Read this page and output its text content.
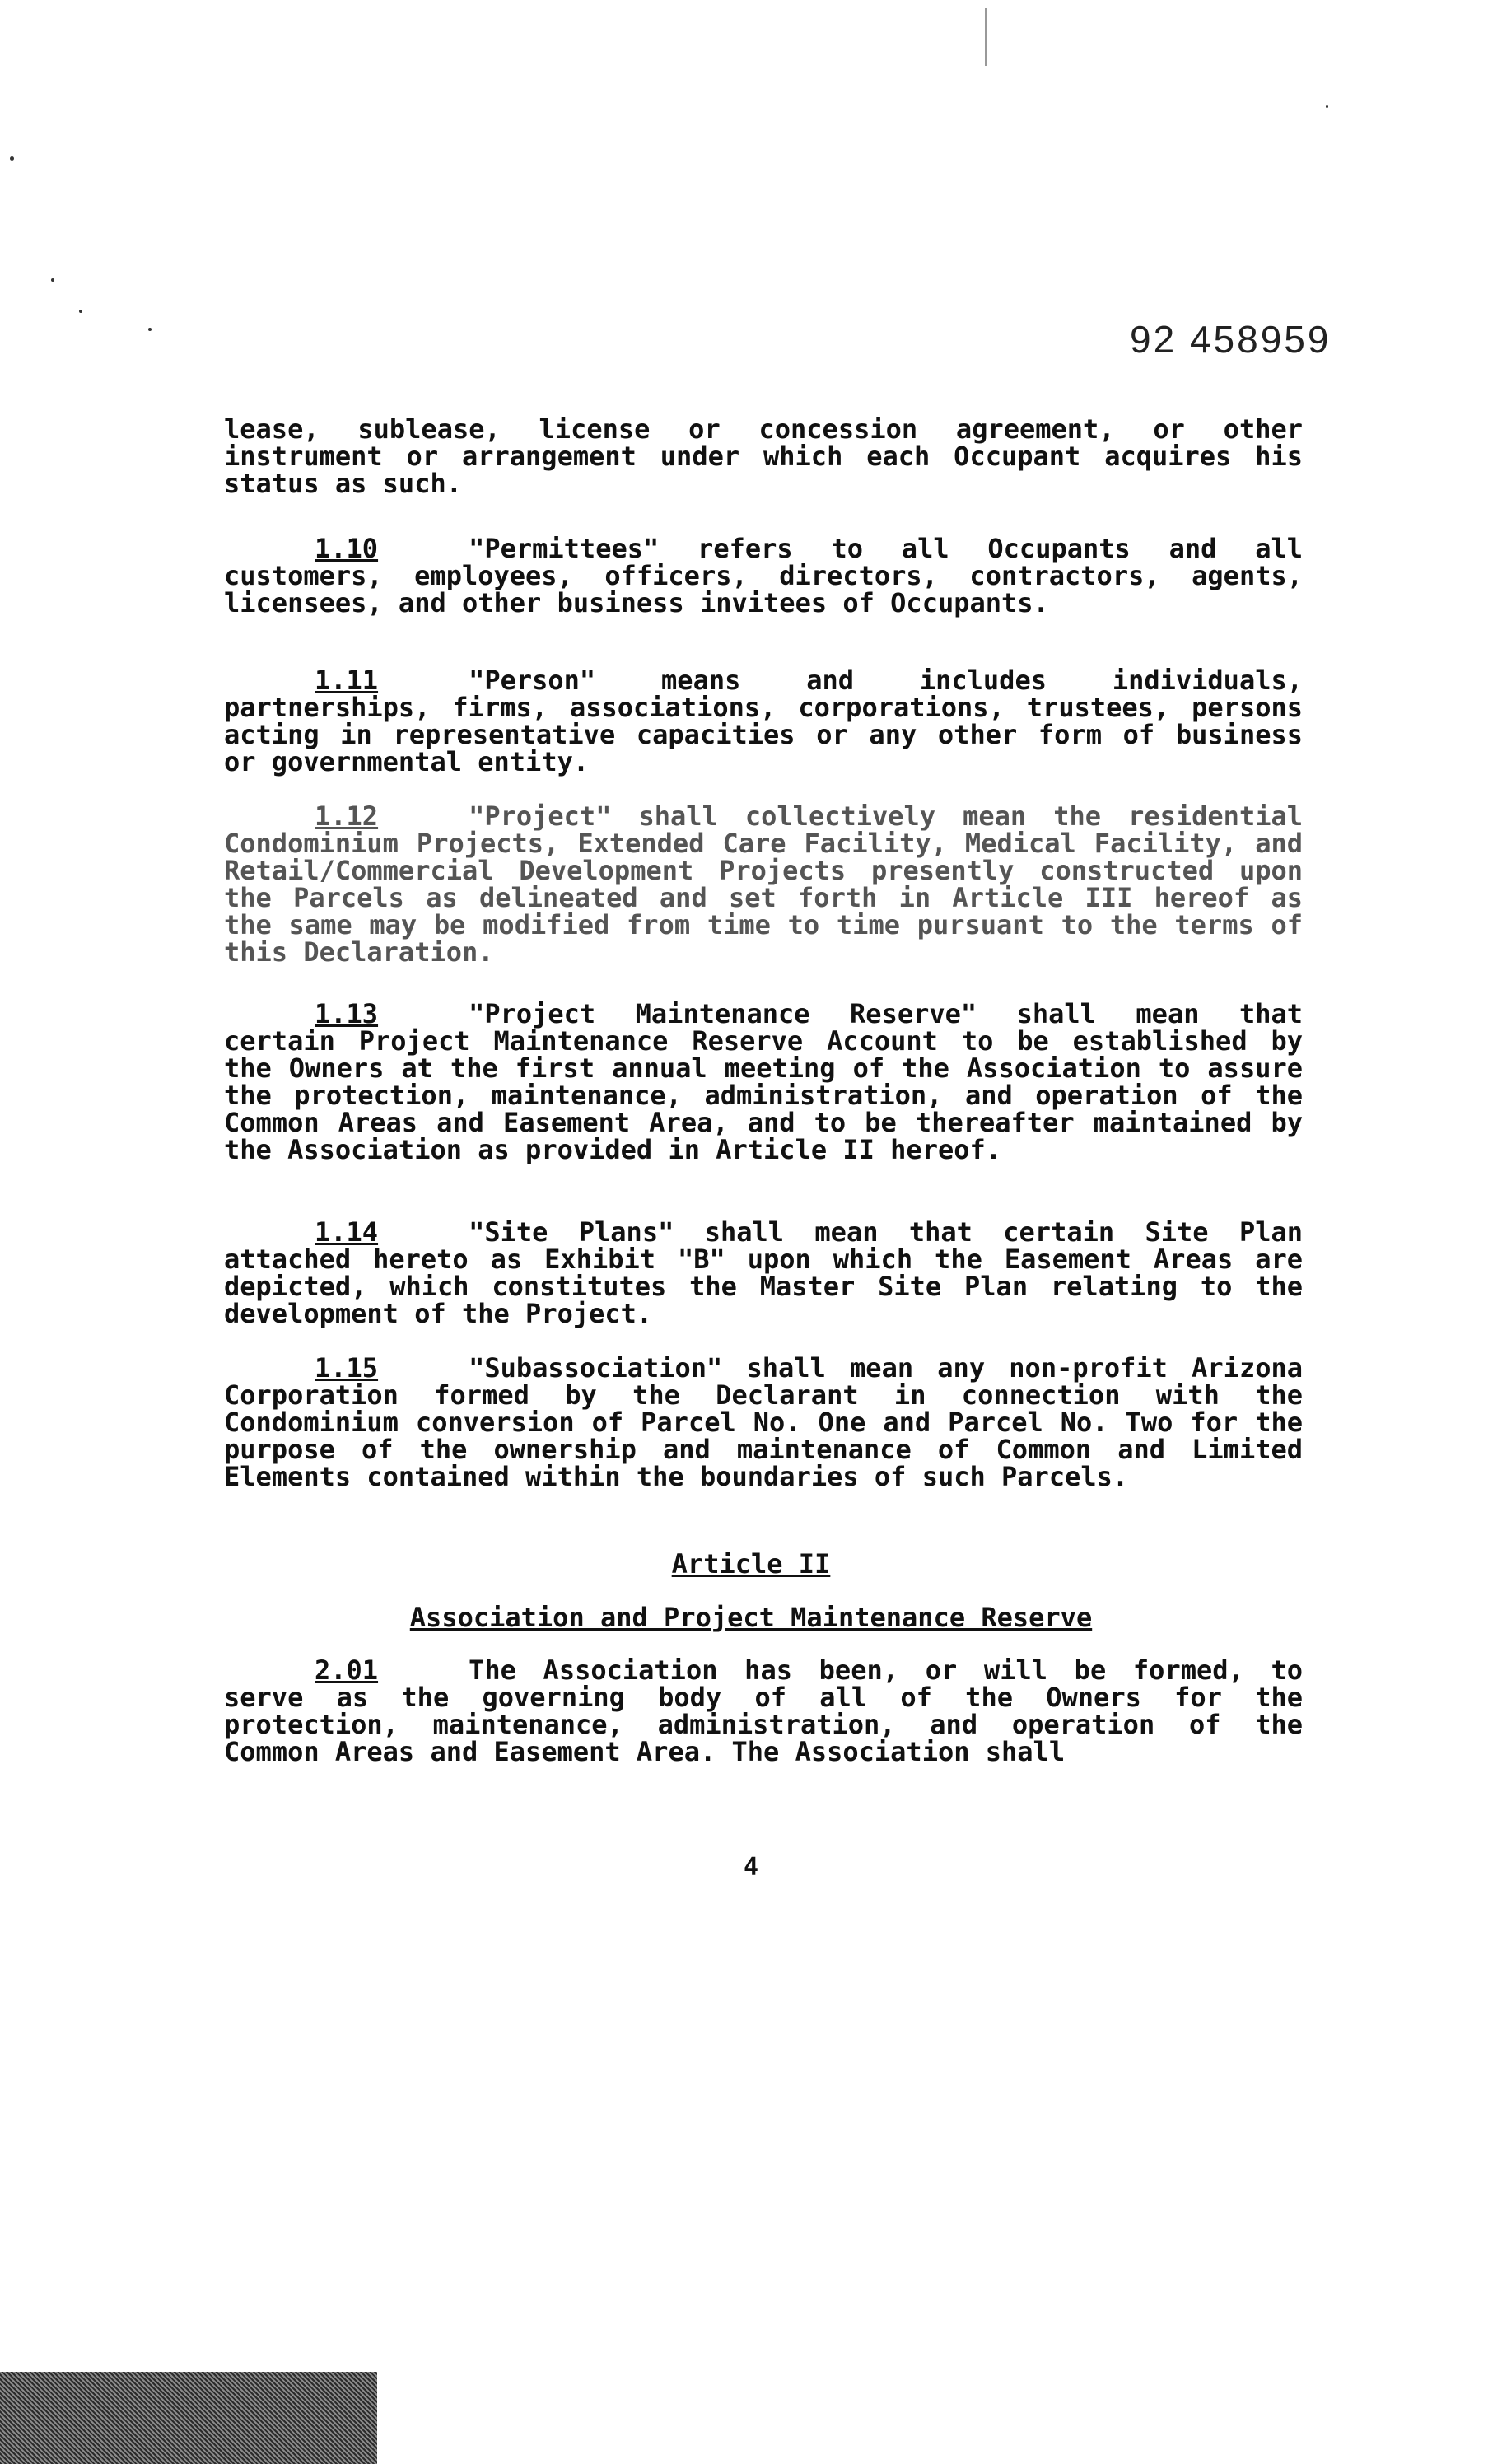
92 458959

lease, sublease, license or concession agreement, or other instrument or arrangement under which each Occupant acquires his status as such.

1.10	"Permittees" refers to all Occupants and all customers, employees, officers, directors, contractors, agents, licensees, and other business invitees of Occupants.

1.11	"Person" means and includes individuals, partnerships, firms, associations, corporations, trustees, persons acting in representative capacities or any other form of business or governmental entity.

1.12	"Project" shall collectively mean the residential Condominium Projects, Extended Care Facility, Medical Facility, and Retail/Commercial Development Projects presently constructed upon the Parcels as delineated and set forth in Article III hereof as the same may be modified from time to time pursuant to the terms of this Declaration.

1.13	"Project Maintenance Reserve" shall mean that certain Project Maintenance Reserve Account to be established by the Owners at the first annual meeting of the Association to assure the protection, maintenance, administration, and operation of the Common Areas and Easement Area, and to be thereafter maintained by the Association as provided in Article II hereof.

1.14	"Site Plans" shall mean that certain Site Plan attached hereto as Exhibit "B" upon which the Easement Areas are depicted, which constitutes the Master Site Plan relating to the development of the Project.

1.15	"Subassociation" shall mean any non-profit Arizona Corporation formed by the Declarant in connection with the Condominium conversion of Parcel No. One and Parcel No. Two for the purpose of the ownership and maintenance of Common and Limited Elements contained within the boundaries of such Parcels.

Article II
Association and Project Maintenance Reserve

2.01	The Association has been, or will be formed, to serve as the governing body of all of the Owners for the protection, maintenance, administration, and operation of the Common Areas and Easement Area. The Association shall

4
